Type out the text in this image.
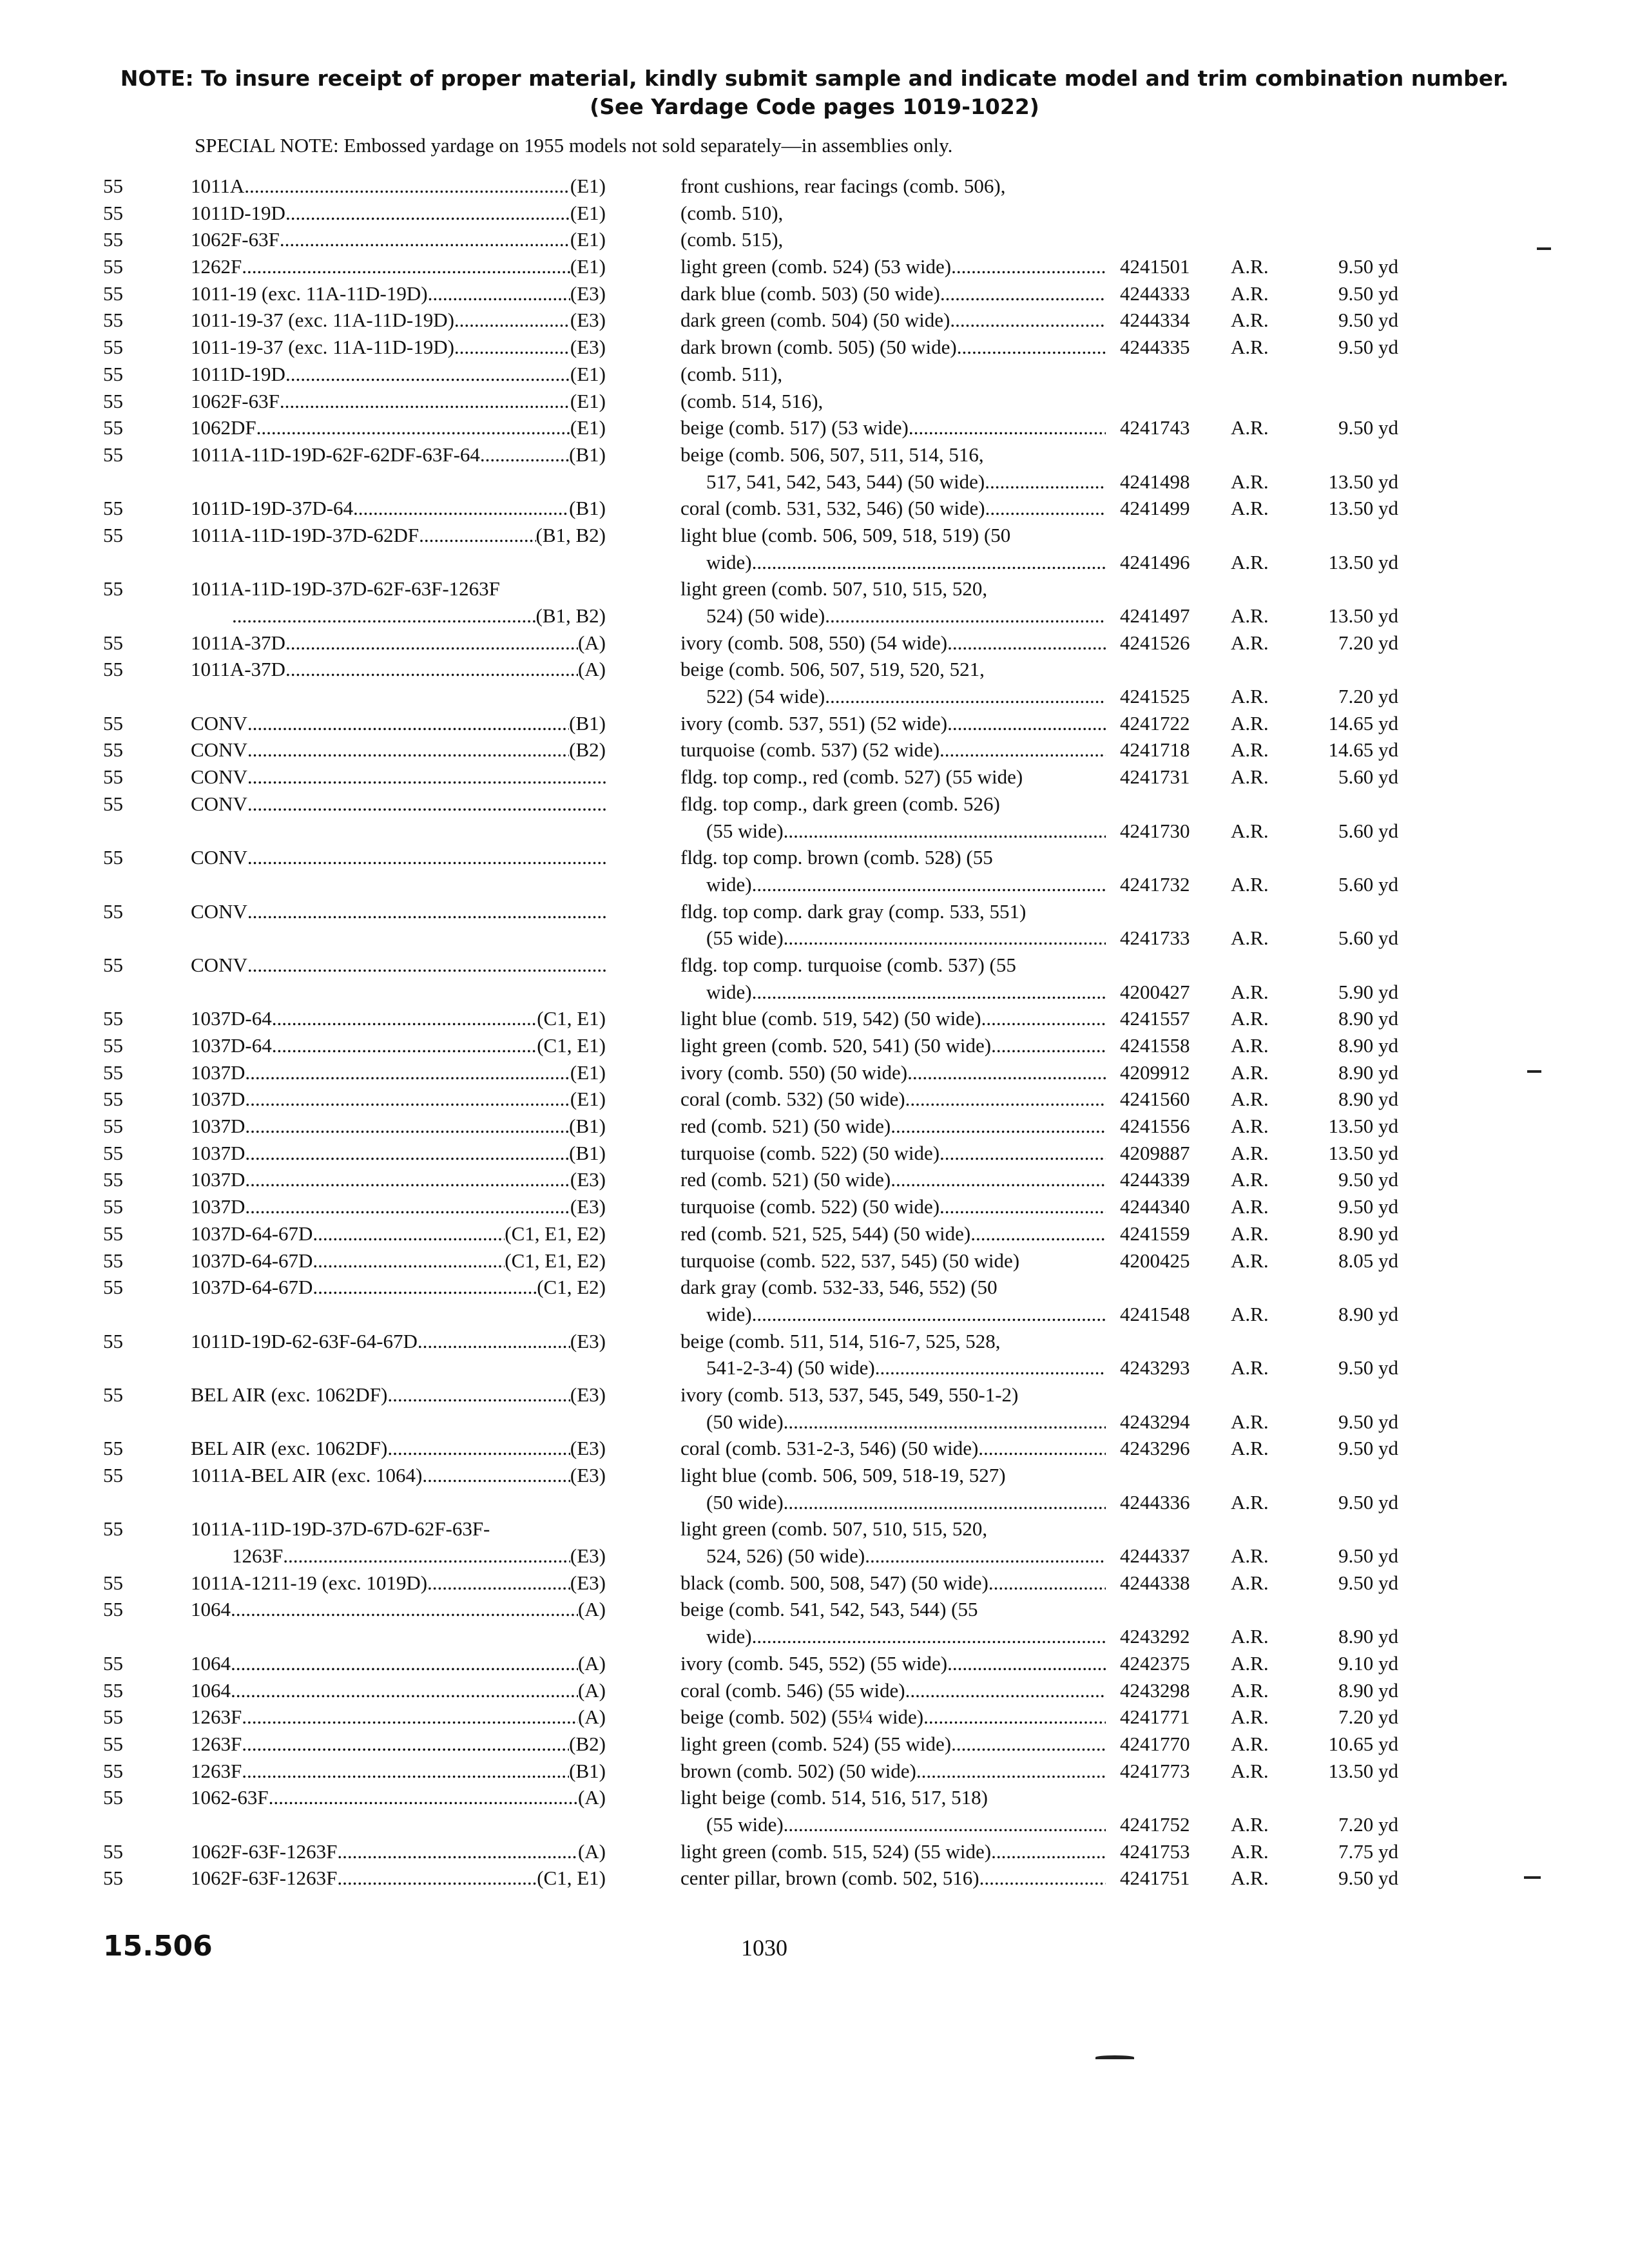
NOTE: To insure receipt of proper material, kindly submit sample and indicate model and trim combination number.
(See Yardage Code pages 1019-1022)
SPECIAL NOTE: Embossed yardage on 1955 models not sold separately—in assemblies only.
55	1011A .....	(E1)	front cushions, rear facings (comb. 506),
55	1011D-19D .....	(E1)	(comb. 510),
55	1062F-63F .....	(E1)	(comb. 515),
55	1262F .....	(E1)	light green (comb. 524) (53 wide) .....	4241501	A.R.	9.50 yd
55	1011-19 (exc. 11A-11D-19D) .....	(E3)	dark blue (comb. 503) (50 wide) .....	4244333	A.R.	9.50 yd
55	1011-19-37 (exc. 11A-11D-19D) .....	(E3)	dark green (comb. 504) (50 wide) .....	4244334	A.R.	9.50 yd
55	1011-19-37 (exc. 11A-11D-19D) .....	(E3)	dark brown (comb. 505) (50 wide) .....	4244335	A.R.	9.50 yd
55	1011D-19D .....	(E1)	(comb. 511),
55	1062F-63F .....	(E1)	(comb. 514, 516),
55	1062DF .....	(E1)	beige (comb. 517) (53 wide) .....	4241743	A.R.	9.50 yd
55	1011A-11D-19D-62F-62DF-63F-64 .....	(B1)	beige (comb. 506, 507, 511, 514, 516,
517, 541, 542, 543, 544) (50 wide) .....	4241498	A.R.	13.50 yd
55	1011D-19D-37D-64 .....	(B1)	coral (comb. 531, 532, 546) (50 wide) .....	4241499	A.R.	13.50 yd
55	1011A-11D-19D-37D-62DF .....	(B1, B2)	light blue (comb. 506, 509, 518, 519) (50
wide) .....	4241496	A.R.	13.50 yd
55	1011A-11D-19D-37D-62F-63F-1263F	light green (comb. 507, 510, 515, 520,
.....
(B1, B2)	524) (50 wide) .....	4241497	A.R.	13.50 yd
55	1011A-37D .....	(A)	ivory (comb. 508, 550) (54 wide) .....	4241526	A.R.	7.20 yd
55	1011A-37D .....	(A)	beige (comb. 506, 507, 519, 520, 521,
522) (54 wide) .....	4241525	A.R.	7.20 yd
55	CONV .....	(B1)	ivory (comb. 537, 551) (52 wide) .....	4241722	A.R.	14.65 yd
55	CONV .....	(B2)	turquoise (comb. 537) (52 wide) .....	4241718	A.R.	14.65 yd
55	CONV .....	fldg. top comp., red (comb. 527) (55 wide)	4241731	A.R.	5.60 yd
55	CONV .....	fldg. top comp., dark green (comb. 526)
(55 wide) .....	4241730	A.R.	5.60 yd
55	CONV .....	fldg. top comp. brown (comb. 528) (55
wide) .....	4241732	A.R.	5.60 yd
55	CONV .....	fldg. top comp. dark gray (comp. 533, 551)
(55 wide) .....	4241733	A.R.	5.60 yd
55	CONV .....	fldg. top comp. turquoise (comb. 537) (55
wide) .....	4200427	A.R.	5.90 yd
55	1037D-64 .....	(C1, E1)	light blue (comb. 519, 542) (50 wide) .....	4241557	A.R.	8.90 yd
55	1037D-64 .....	(C1, E1)	light green (comb. 520, 541) (50 wide) .....	4241558	A.R.	8.90 yd
55	1037D .....	(E1)	ivory (comb. 550) (50 wide) .....	4209912	A.R.	8.90 yd
55	1037D .....	(E1)	coral (comb. 532) (50 wide) .....	4241560	A.R.	8.90 yd
55	1037D .....	(B1)	red (comb. 521) (50 wide) .....	4241556	A.R.	13.50 yd
55	1037D .....	(B1)	turquoise (comb. 522) (50 wide) .....	4209887	A.R.	13.50 yd
55	1037D .....	(E3)	red (comb. 521) (50 wide) .....	4244339	A.R.	9.50 yd
55	1037D .....	(E3)	turquoise (comb. 522) (50 wide) .....	4244340	A.R.	9.50 yd
55	1037D-64-67D .....	(C1, E1, E2)	red (comb. 521, 525, 544) (50 wide) .....	4241559	A.R.	8.90 yd
55	1037D-64-67D .....	(C1, E1, E2)	turquoise (comb. 522, 537, 545) (50 wide)	4200425	A.R.	8.05 yd
55	1037D-64-67D .....	(C1, E2)	dark gray (comb. 532-33, 546, 552) (50
wide) .....	4241548	A.R.	8.90 yd
55	1011D-19D-62-63F-64-67D .....	(E3)	beige (comb. 511, 514, 516-7, 525, 528,
541-2-3-4) (50 wide) .....	4243293	A.R.	9.50 yd
55	BEL AIR (exc. 1062DF) .....	(E3)	ivory (comb. 513, 537, 545, 549, 550-1-2)
(50 wide) .....	4243294	A.R.	9.50 yd
55	BEL AIR (exc. 1062DF) .....	(E3)	coral (comb. 531-2-3, 546) (50 wide) .....	4243296	A.R.	9.50 yd
55	1011A-BEL AIR (exc. 1064) .....	(E3)	light blue (comb. 506, 509, 518-19, 527)
(50 wide) .....	4244336	A.R.	9.50 yd
55	1011A-11D-19D-37D-67D-62F-63F-	light green (comb. 507, 510, 515, 520,
1263F .....	(E3)	524, 526) (50 wide) .....	4244337	A.R.	9.50 yd
55	1011A-1211-19 (exc. 1019D) .....	(E3)	black (comb. 500, 508, 547) (50 wide) .....	4244338	A.R.	9.50 yd
55	1064 .....	(A)	beige (comb. 541, 542, 543, 544) (55
wide) .....	4243292	A.R.	8.90 yd
55	1064 .....	(A)	ivory (comb. 545, 552) (55 wide) .....	4242375	A.R.	9.10 yd
55	1064 .....	(A)	coral (comb. 546) (55 wide) .....	4243298	A.R.	8.90 yd
55	1263F .....	(A)	beige (comb. 502) (55¼ wide) .....	4241771	A.R.	7.20 yd
55	1263F .....	(B2)	light green (comb. 524) (55 wide) .....	4241770	A.R.	10.65 yd
55	1263F .....	(B1)	brown (comb. 502) (50 wide) .....	4241773	A.R.	13.50 yd
55	1062-63F .....	(A)	light beige (comb. 514, 516, 517, 518)
(55 wide) .....	4241752	A.R.	7.20 yd
55	1062F-63F-1263F .....	(A)	light green (comb. 515, 524) (55 wide) .....	4241753	A.R.	7.75 yd
55	1062F-63F-1263F .....	(C1, E1)	center pillar, brown (comb. 502, 516) .....	4241751	A.R.	9.50 yd
15.506	1030
